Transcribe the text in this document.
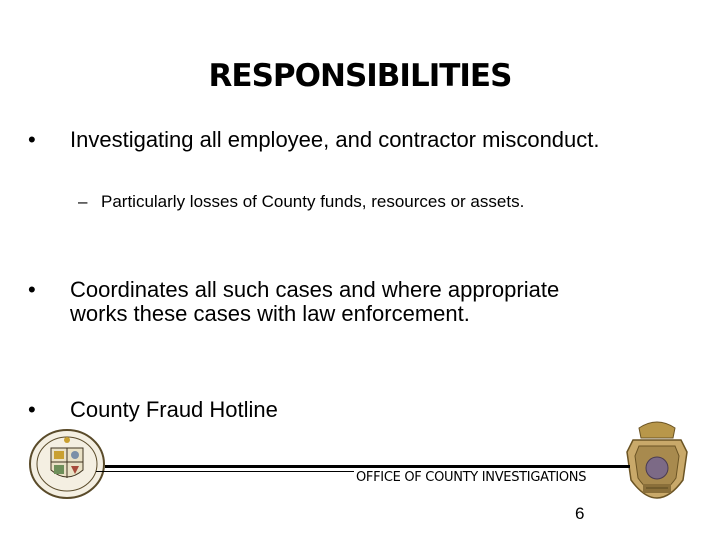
RESPONSIBILITIES
•	Investigating all employee, and contractor misconduct.
– Particularly losses of County funds, resources or assets.
•	Coordinates all such cases and where appropriate works these cases with law enforcement.
•	County Fraud Hotline
OFFICE OF COUNTY INVESTIGATIONS
6
